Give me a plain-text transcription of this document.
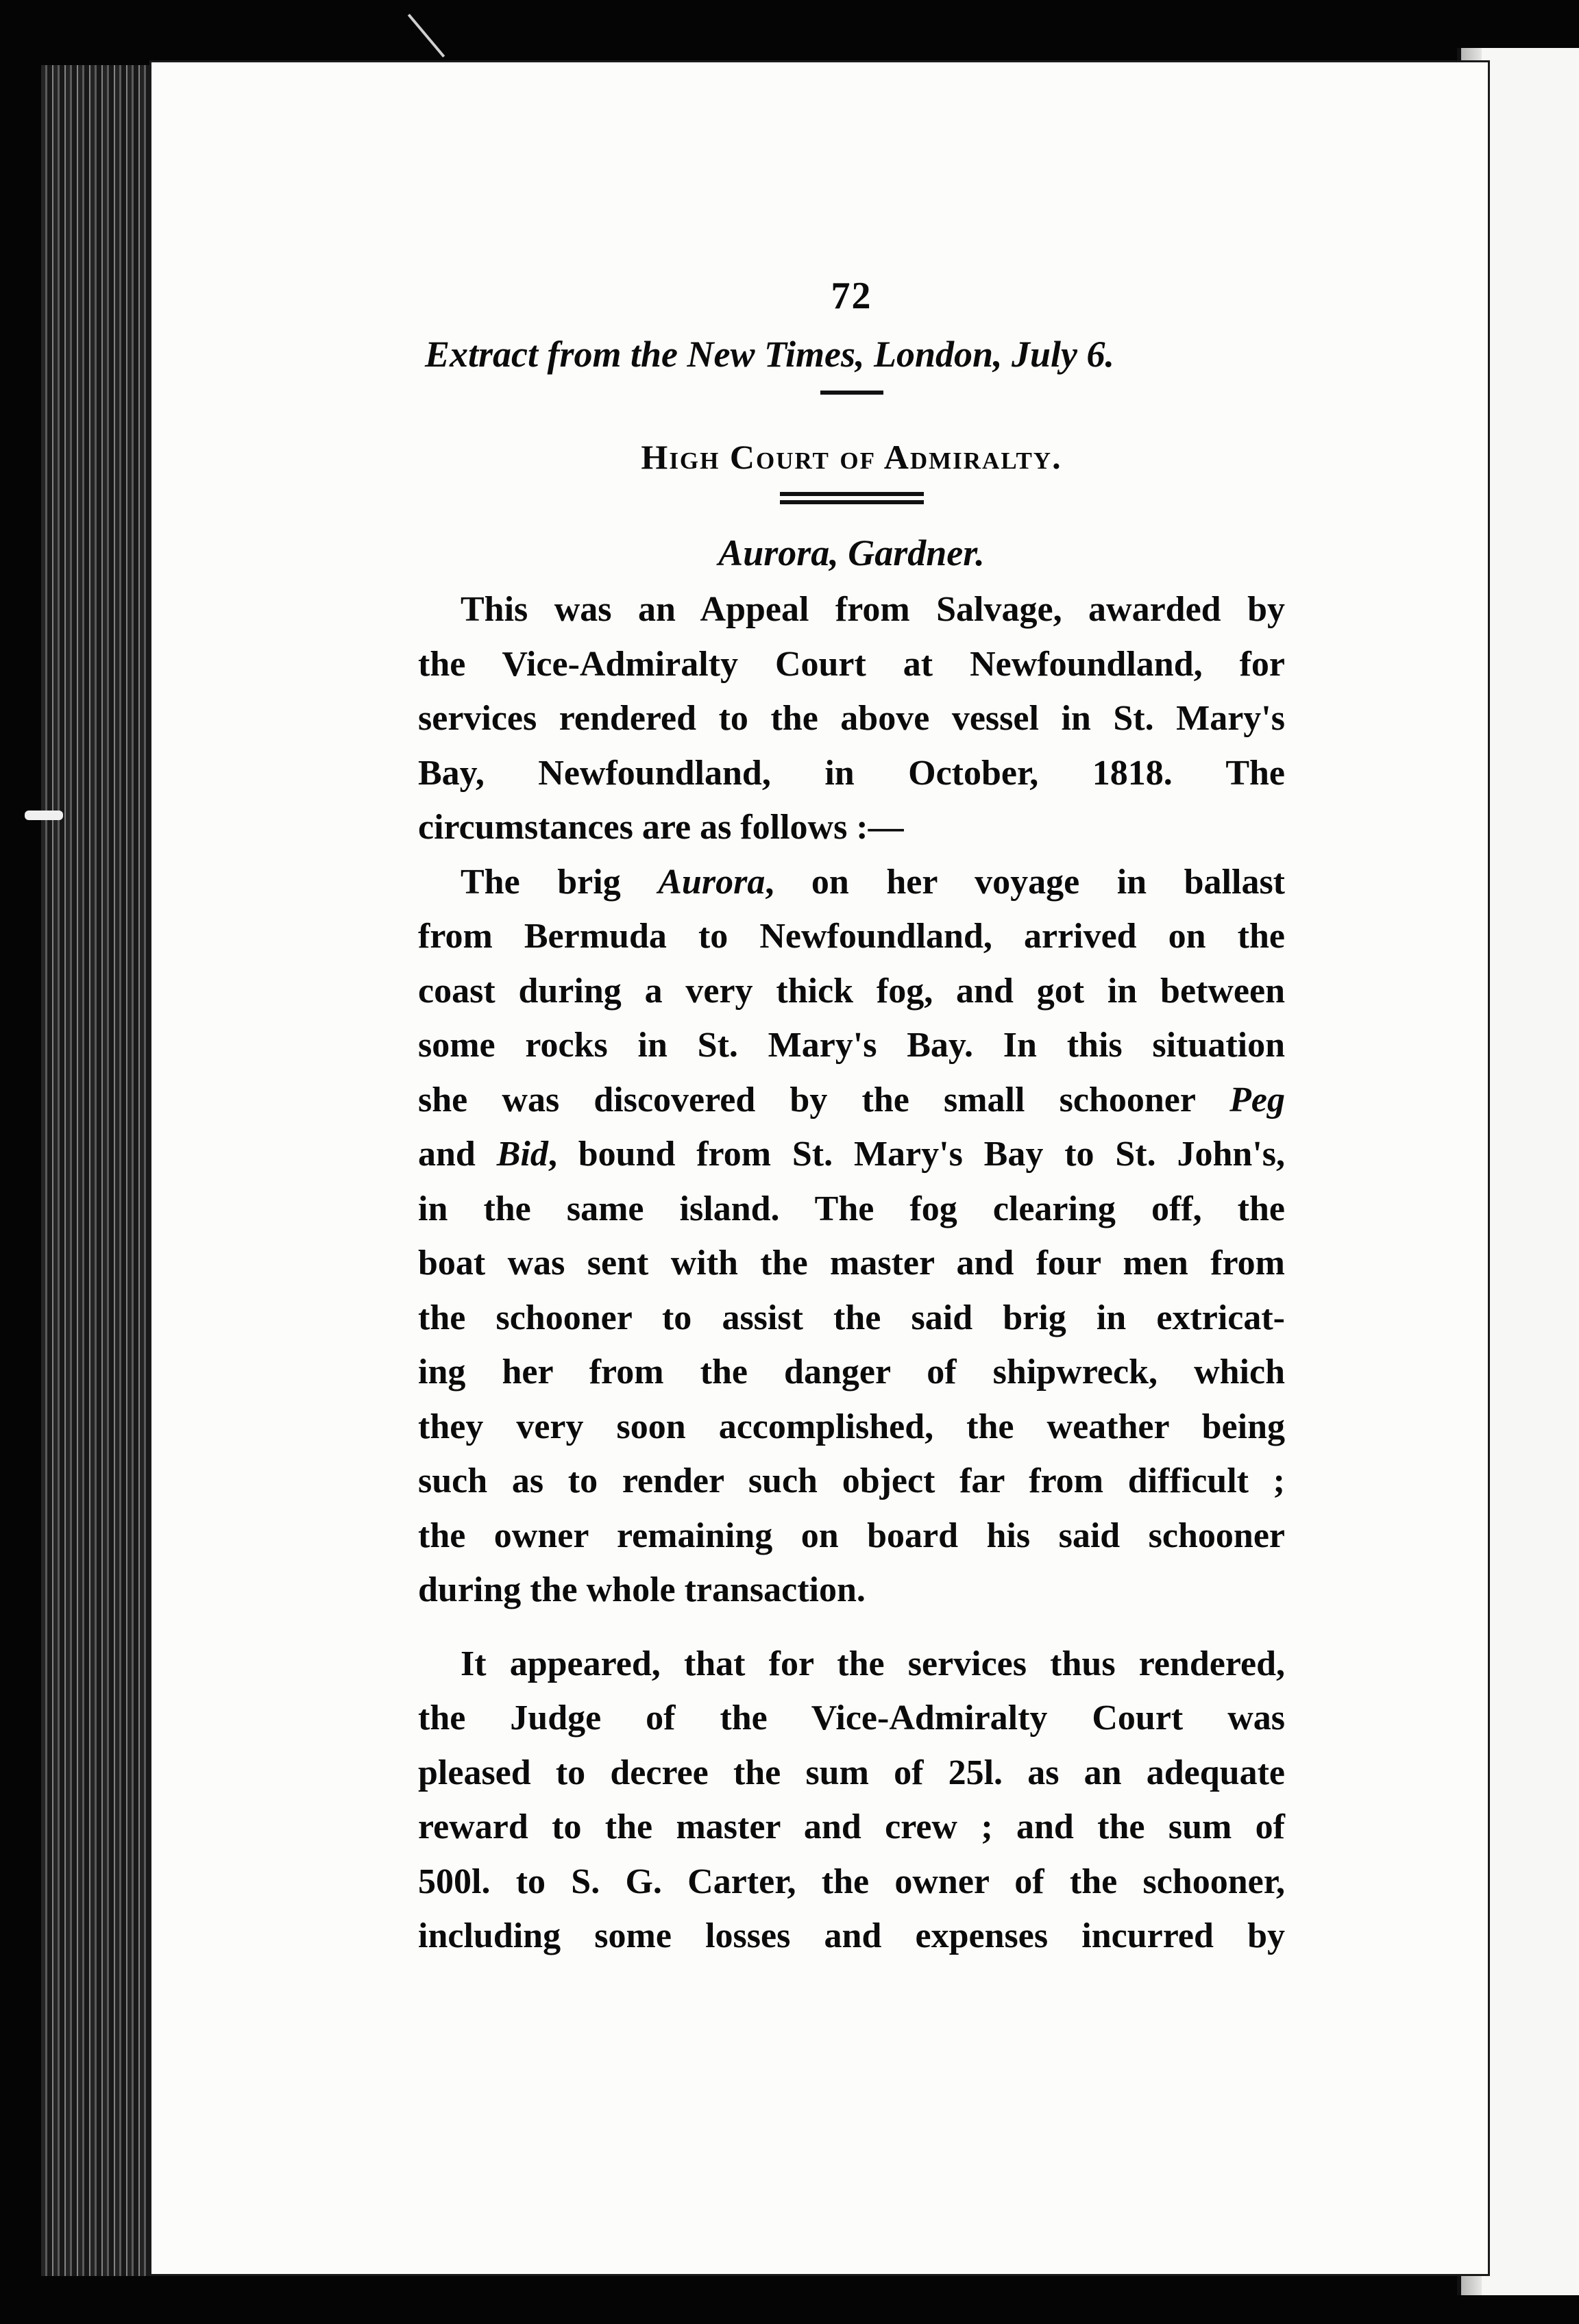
72
Extract from the New Times, London, July 6.
High Court of Admiralty.
Aurora, Gardner.
This was an Appeal from Salvage, awarded by
the Vice-Admiralty Court at Newfoundland, for
services rendered to the above vessel in St. Mary's
Bay, Newfoundland, in October, 1818. The
circumstances are as follows :—
The brig Aurora, on her voyage in ballast
from Bermuda to Newfoundland, arrived on the
coast during a very thick fog, and got in between
some rocks in St. Mary's Bay. In this situation
she was discovered by the small schooner Peg
and Bid, bound from St. Mary's Bay to St. John's,
in the same island. The fog clearing off, the
boat was sent with the master and four men from
the schooner to assist the said brig in extricat-
ing her from the danger of shipwreck, which
they very soon accomplished, the weather being
such as to render such object far from difficult ;
the owner remaining on board his said schooner
during the whole transaction.
It appeared, that for the services thus rendered,
the Judge of the Vice-Admiralty Court was
pleased to decree the sum of 25l. as an adequate
reward to the master and crew ; and the sum of
500l. to S. G. Carter, the owner of the schooner,
including some losses and expenses incurred by
